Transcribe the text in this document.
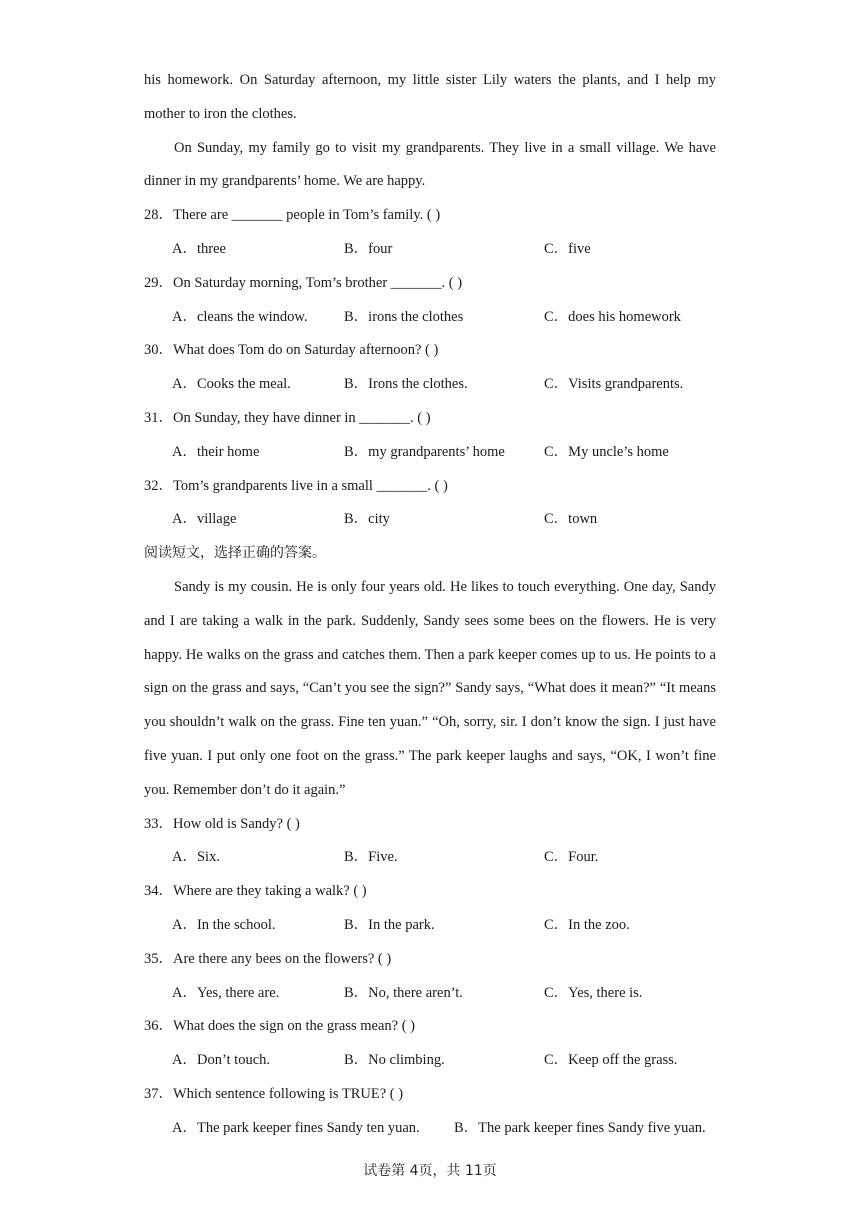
his homework. On Saturday afternoon, my little sister Lily waters the plants, and I help my mother to iron the clothes.
On Sunday, my family go to visit my grandparents. They live in a small village. We have dinner in my grandparents’ home. We are happy.
28．There are _______ people in Tom’s family. ( )
A．three	B．four	C．five
29．On Saturday morning, Tom’s brother _______. ( )
A．cleans the window.	B．irons the clothes	C．does his homework
30．What does Tom do on Saturday afternoon? ( )
A．Cooks the meal.	B．Irons the clothes.	C．Visits grandparents.
31．On Sunday, they have dinner in _______. ( )
A．their home	B．my grandparents’ home	C．My uncle’s home
32．Tom’s grandparents live in a small _______. ( )
A．village	B．city	C．town
阅读短文，选择正确的答案。
Sandy is my cousin. He is only four years old. He likes to touch everything. One day, Sandy and I are taking a walk in the park. Suddenly, Sandy sees some bees on the flowers. He is very happy. He walks on the grass and catches them. Then a park keeper comes up to us. He points to a sign on the grass and says, “Can’t you see the sign?” Sandy says, “What does it mean?” “It means you shouldn’t walk on the grass. Fine ten yuan.” “Oh, sorry, sir. I don’t know the sign. I just have five yuan. I put only one foot on the grass.” The park keeper laughs and says, “OK, I won’t fine you. Remember don’t do it again.”
33．How old is Sandy? ( )
A．Six.	B．Five.	C．Four.
34．Where are they taking a walk? ( )
A．In the school.	B．In the park.	C．In the zoo.
35．Are there any bees on the flowers? ( )
A．Yes, there are.	B．No, there aren’t.	C．Yes, there is.
36．What does the sign on the grass mean? ( )
A．Don’t touch.	B．No climbing.	C．Keep off the grass.
37．Which sentence following is TRUE? ( )
A．The park keeper fines Sandy ten yuan. B．The park keeper fines Sandy five yuan.
试卷第 4页，共 11页
